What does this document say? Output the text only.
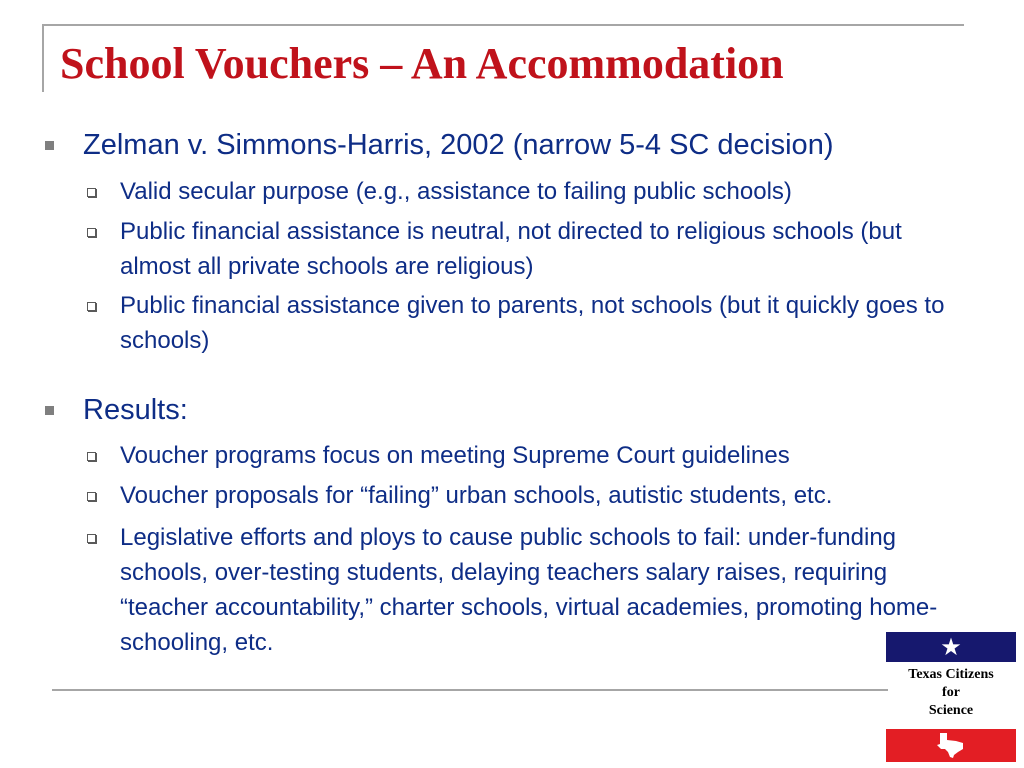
School Vouchers – An Accommodation
Zelman v. Simmons-Harris, 2002 (narrow 5-4 SC decision)
Valid secular purpose (e.g., assistance to failing public schools)
Public financial assistance is neutral, not directed to religious schools (but almost all private schools are religious)
Public financial assistance given to parents, not schools (but it quickly goes to schools)
Results:
Voucher programs focus on meeting Supreme Court guidelines
Voucher proposals for “failing” urban schools, autistic students, etc.
Legislative efforts and ploys to cause public schools to fail: under-funding schools, over-testing students, delaying teachers salary raises, requiring “teacher accountability,” charter schools, virtual academies, promoting home-schooling, etc.	★
Texas Citizens
for
Science
